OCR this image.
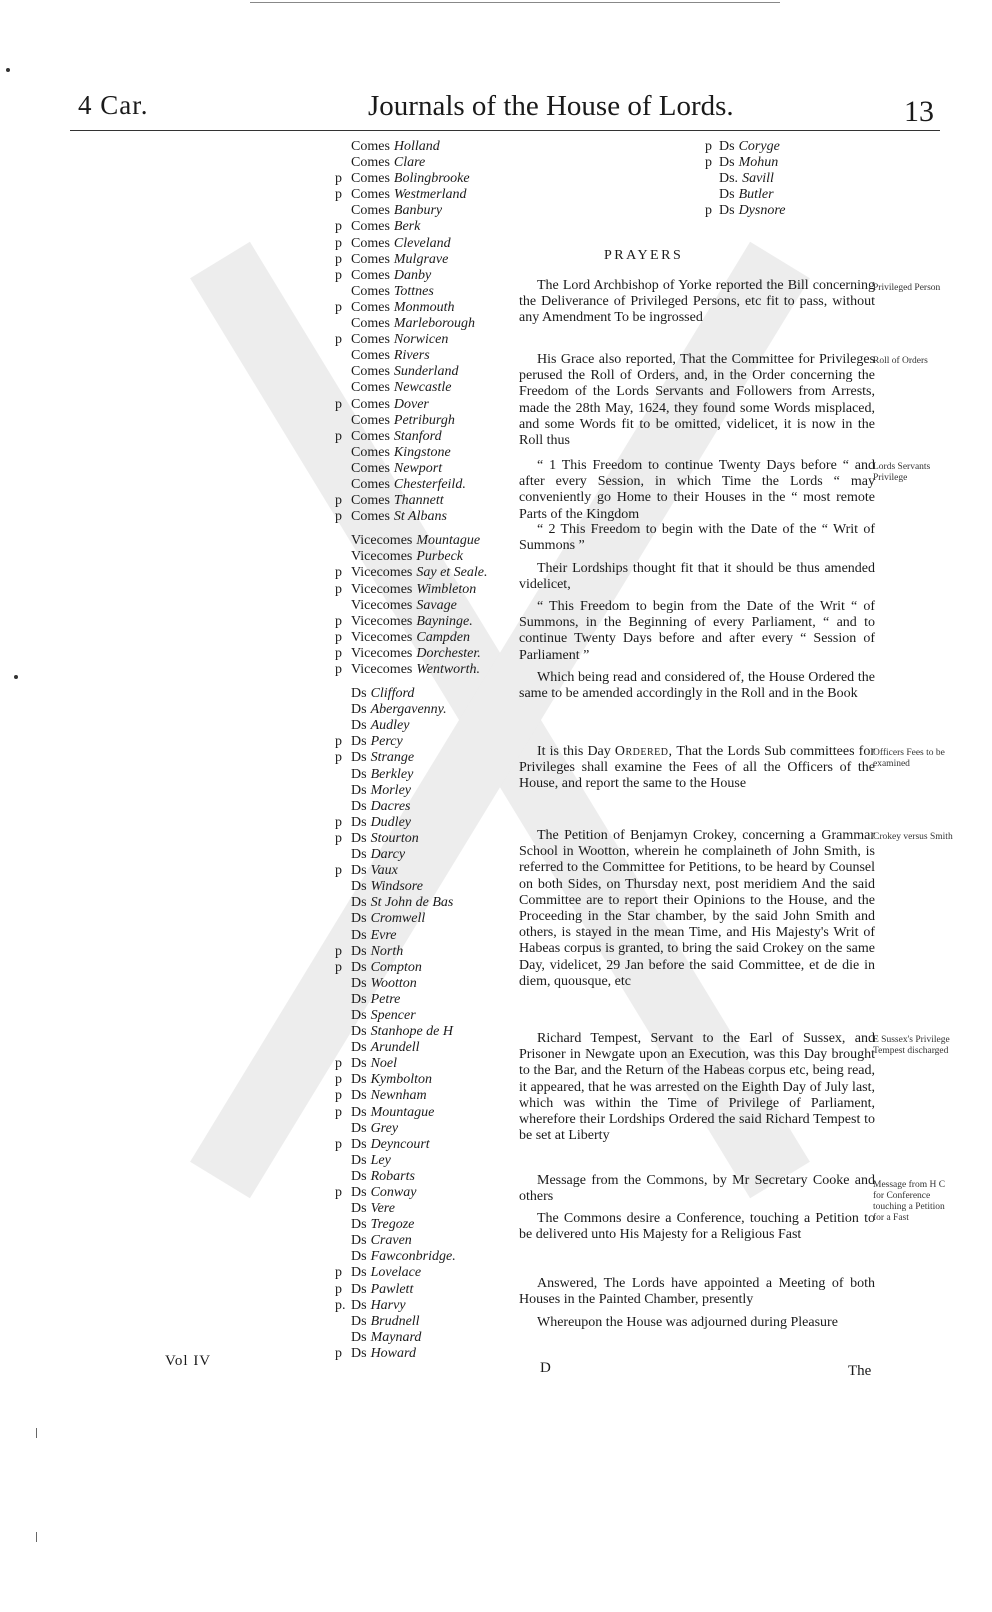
4 Car.	Journals of the House of Lords.	13
Comes Holland
Comes Clare
p Comes Bolingbrooke
p Comes Westmerland
Comes Banbury
p Comes Berk
p Comes Cleveland
p Comes Mulgrave
p Comes Danby
Comes Tottnes
p Comes Monmouth
Comes Marleborough
p Comes Norwicen
Comes Rivers
Comes Sunderland
Comes Newcastle
p Comes Dover
Comes Petriburgh
p Comes Stanford
Comes Kingstone
Comes Newport
Comes Chesterfeild.
p Comes Thannett
p Comes St Albans
Vicecomes Mountague
Vicecomes Purbeck
p Vicecomes Say et Seale.
p Vicecomes Wimbleton
Vicecomes Savage
p Vicecomes Bayninge.
p Vicecomes Campden
p Vicecomes Dorchester.
p Vicecomes Wentworth.
Ds Clifford
Ds Abergavenny.
Ds Audley
p Ds Percy
p Ds Strange
Ds Berkley
Ds Morley
Ds Dacres
p Ds Dudley
p Ds Stourton
Ds Darcy
p Ds Vaux
Ds Windsore
Ds St John de Bas
Ds Cromwell
Ds Evre
p Ds North
p Ds Compton
Ds Wootton
Ds Petre
Ds Spencer
Ds Stanhope de H
Ds Arundell
p Ds Noel
p Ds Kymbolton
p Ds Newnham
p Ds Mountague
Ds Grey
p Ds Deyncourt
Ds Ley
Ds Robarts
p Ds Conway
Ds Vere
Ds Tregoze
Ds Craven
Ds Fawconbridge.
p Ds Lovelace
p Ds Pawlett
p. Ds Harvy
Ds Brudnell
Ds Maynard
p Ds Howard
p Ds Coryge
p Ds Mohun
Ds. Savill
Ds Butler
p Ds Dysnore
PRAYERS

The Lord Archbishop of Yorke reported the Bill concerning the Deliverance of Privileged Persons, etc fit to pass, without any Amendment To be ingrossed

His Grace also reported, That the Committee for Privileges perused the Roll of Orders, and, in the Order concerning the Freedom of the Lords Servants and Followers from Arrests, made the 28th May, 1624, they found some Words misplaced, and some Words fit to be omitted, videlicet, it is now in the Roll thus

“ 1 This Freedom to continue Twenty Days before “ and after every Session, in which Time the Lords “ may conveniently go Home to their Houses in the “ most remote Parts of the Kingdom

“ 2 This Freedom to begin with the Date of the “ Writ of Summons ”

Their Lordships thought fit that it should be thus amended videlicet,

“ This Freedom to begin from the Date of the Writ “ of Summons, in the Beginning of every Parliament, “ and to continue Twenty Days before and after every “ Session of Parliament ”

Which being read and considered of, the House Ordered the same to be amended accordingly in the Roll and in the Book

It is this Day Ordered, That the Lords Sub committees for Privileges shall examine the Fees of all the Officers of the House, and report the same to the House

The Petition of Benjamyn Crokey, concerning a Grammar School in Wootton, wherein he complaineth of John Smith, is referred to the Committee for Petitions, to be heard by Counsel on both Sides, on Thursday next, post meridiem And the said Committee are to report their Opinions to the House, and the Proceeding in the Star chamber, by the said John Smith and others, is stayed in the mean Time, and His Majesty's Writ of Habeas corpus is granted, to bring the said Crokey on the same Day, videlicet, 29 Jan before the said Committee, et de die in diem, quousque, etc

Richard Tempest, Servant to the Earl of Sussex, and Prisoner in Newgate upon an Execution, was this Day brought to the Bar, and the Return of the Habeas corpus etc, being read, it appeared, that he was arrested on the Eighth Day of July last, which was within the Time of Privilege of Parliament, wherefore their Lordships Ordered the said Richard Tempest to be set at Liberty

Message from the Commons, by Mr Secretary Cooke and others

The Commons desire a Conference, touching a Petition to be delivered unto His Majesty for a Religious Fast

Answered, The Lords have appointed a Meeting of both Houses in the Painted Chamber, presently

Whereupon the House was adjourned during Pleasure

Privileged Person
Roll of Orders
Lords Servants Privilege
Officers Fees to be examined
Crokey versus Smith
E Sussex's Privilege Tempest discharged
Message from H C for Conference touching a Petition for a Fast
Vol IV	D	The
